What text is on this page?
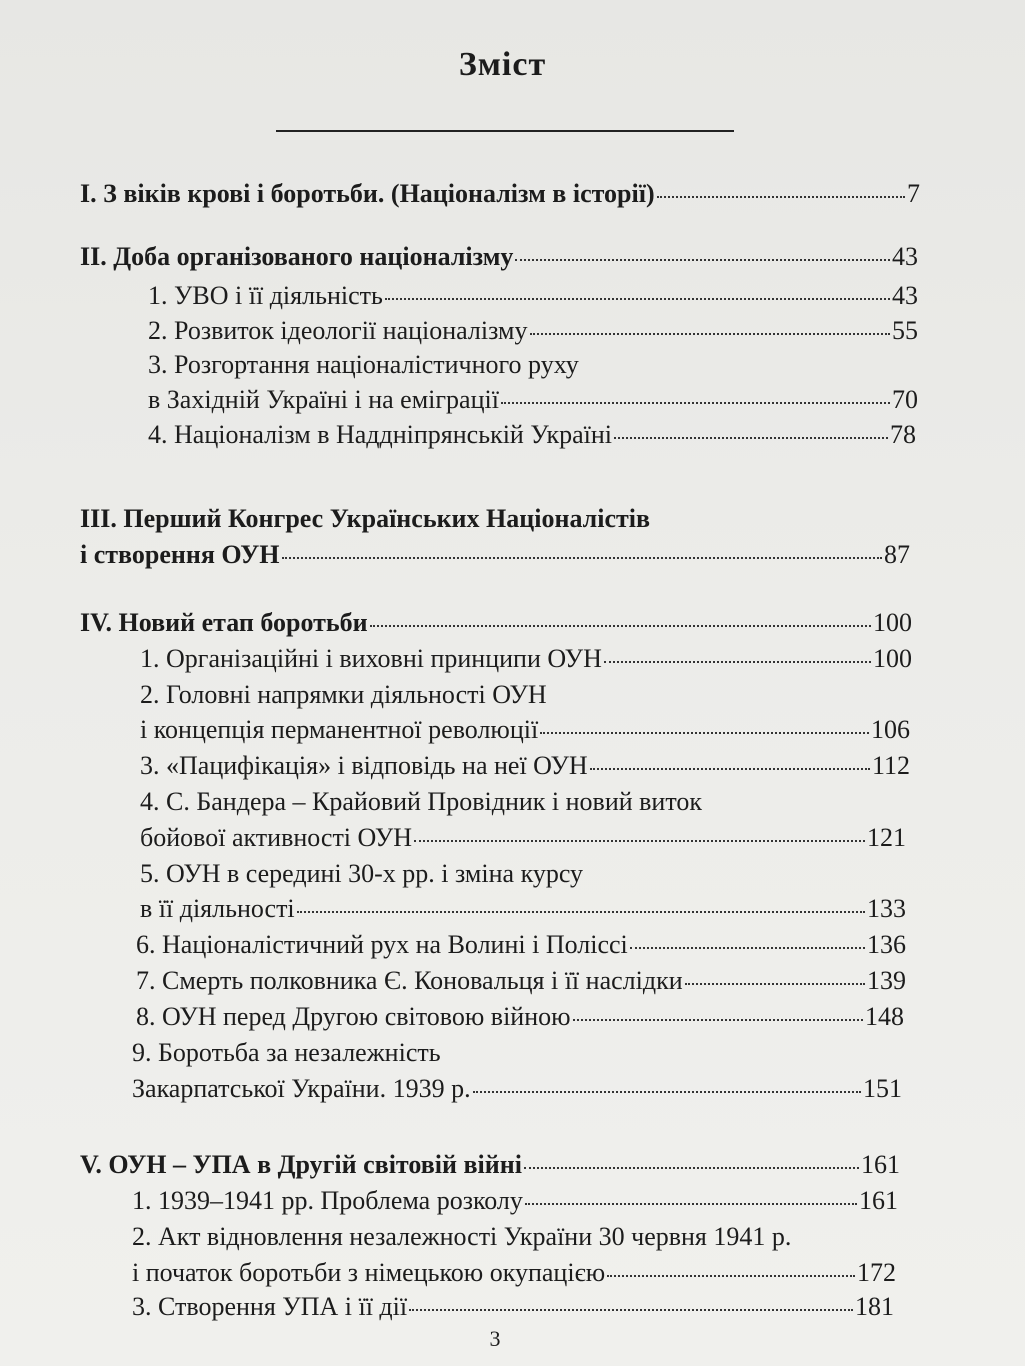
Зміст
I. З віків крові і боротьби. (Націоналізм в історії)	7
II. Доба організованого націоналізму	43
1. УВО і її діяльність	43
2. Розвиток ідеології націоналізму	55
3. Розгортання націоналістичного руху
в Західній Україні і на еміграції	70
4. Націоналізм в Наддніпрянській Україні	78
III. Перший Конгрес Українських Націоналістів
і створення ОУН	87
IV. Новий етап боротьби	100
1. Організаційні і виховні принципи ОУН	100
2. Головні напрямки діяльності ОУН
і концепція перманентної революції	106
3. «Пацифікація» і відповідь на неї ОУН	112
4. С. Бандера – Крайовий Провідник і новий виток
бойової активності ОУН	121
5. ОУН в середині 30-х рр. і зміна курсу
в її діяльності	133
6. Націоналістичний рух на Волині і Поліссі	136
7. Смерть полковника Є. Коновальця і її наслідки	139
8. ОУН перед Другою світовою війною	148
9. Боротьба за незалежність
Закарпатської України. 1939 р.	151
V. ОУН – УПА в Другій світовій війні	161
1. 1939–1941 рр. Проблема розколу	161
2. Акт відновлення незалежності України 30 червня 1941 р.
і початок боротьби з німецькою окупацією	172
3. Створення УПА і її дії	181
3
